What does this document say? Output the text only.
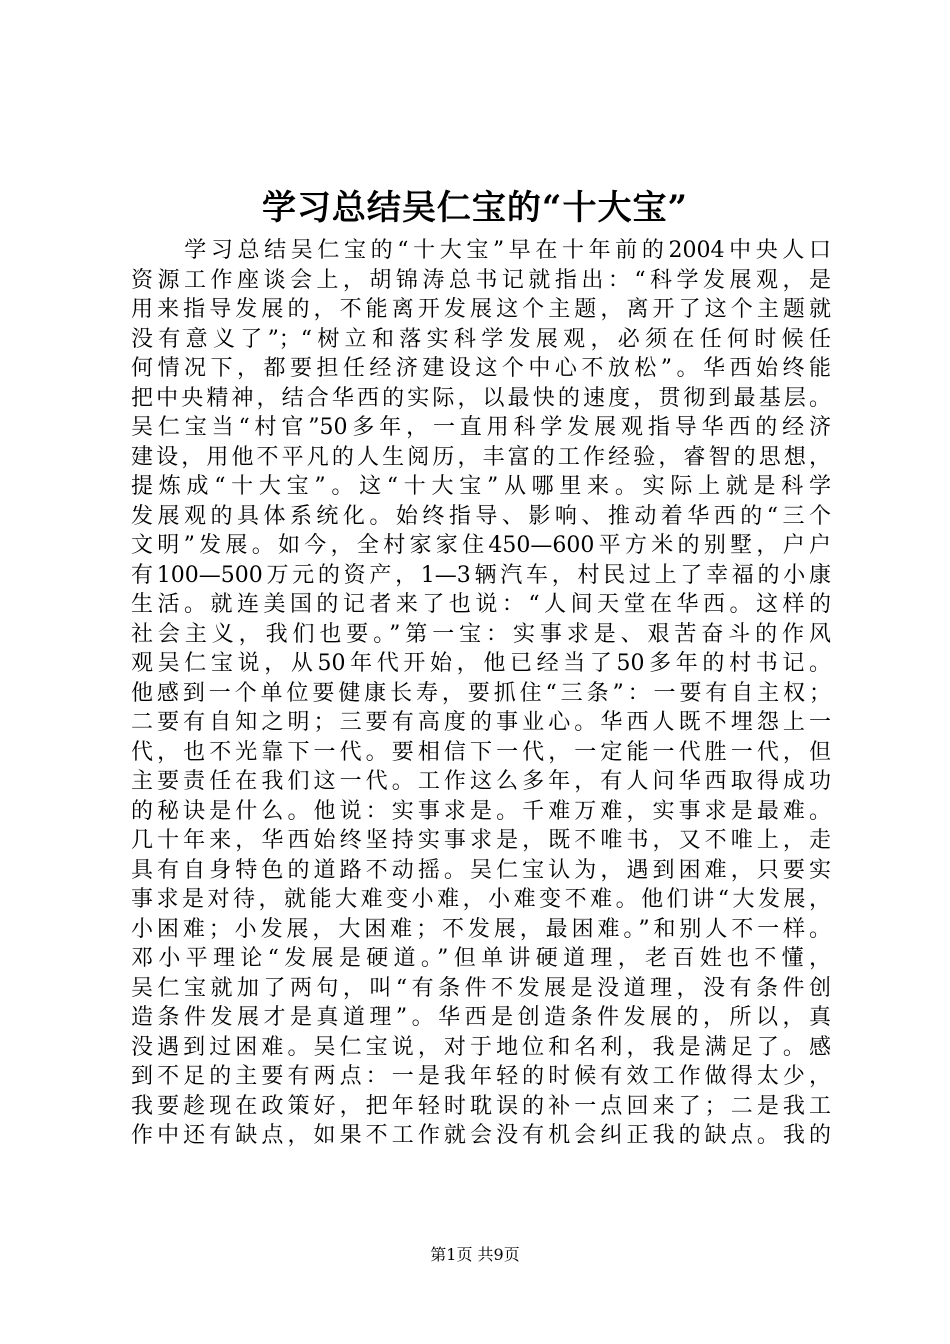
学习总结吴仁宝的“十大宝”
　　学习总结吴仁宝的“十大宝”早在十年前的2004中央人口
资源工作座谈会上，胡锦涛总书记就指出：“科学发展观，是
用来指导发展的，不能离开发展这个主题，离开了这个主题就
没有意义了”；“树立和落实科学发展观，必须在任何时候任
何情况下，都要担任经济建设这个中心不放松”。华西始终能
把中央精神，结合华西的实际，以最快的速度，贯彻到最基层。
吴仁宝当“村官”50多年，一直用科学发展观指导华西的经济
建设，用他不平凡的人生阅历，丰富的工作经验，睿智的思想，
提炼成“十大宝”。这“十大宝”从哪里来。实际上就是科学
发展观的具体系统化。始终指导、影响、推动着华西的“三个
文明”发展。如今，全村家家住450—600平方米的别墅，户户
有100—500万元的资产，1—3辆汽车，村民过上了幸福的小康
生活。就连美国的记者来了也说：“人间天堂在华西。这样的
社会主义，我们也要。”第一宝：实事求是、艰苦奋斗的作风
观吴仁宝说，从50年代开始，他已经当了50多年的村书记。
他感到一个单位要健康长寿，要抓住“三条”：一要有自主权；
二要有自知之明；三要有高度的事业心。华西人既不埋怨上一
代，也不光靠下一代。要相信下一代，一定能一代胜一代，但
主要责任在我们这一代。工作这么多年，有人问华西取得成功
的秘诀是什么。他说：实事求是。千难万难，实事求是最难。
几十年来，华西始终坚持实事求是，既不唯书，又不唯上，走
具有自身特色的道路不动摇。吴仁宝认为，遇到困难，只要实
事求是对待，就能大难变小难，小难变不难。他们讲“大发展，
小困难；小发展，大困难；不发展，最困难。”和别人不一样。
邓小平理论“发展是硬道。”但单讲硬道理，老百姓也不懂，
吴仁宝就加了两句，叫“有条件不发展是没道理，没有条件创
造条件发展才是真道理”。华西是创造条件发展的，所以，真
没遇到过困难。吴仁宝说，对于地位和名利，我是满足了。感
到不足的主要有两点：一是我年轻的时候有效工作做得太少，
我要趁现在政策好，把年轻时耽误的补一点回来了；二是我工
作中还有缺点，如果不工作就会没有机会纠正我的缺点。我的
第1页 共9页
